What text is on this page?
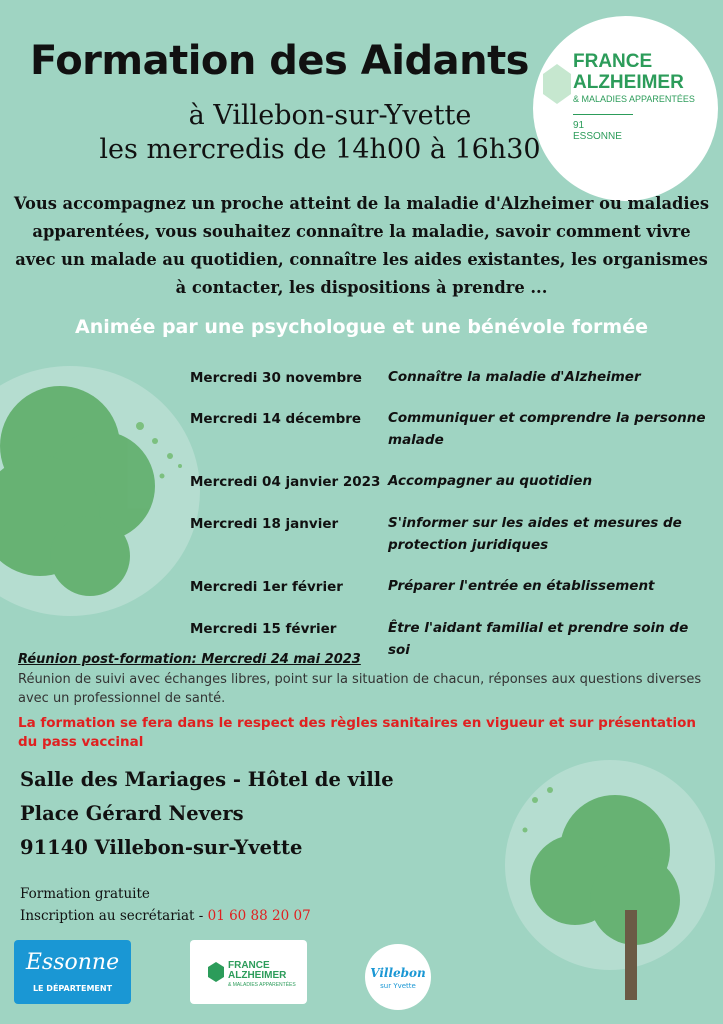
Formation des Aidants
à Villebon-sur-Yvette
les mercredis de 14h00 à 16h30
FRANCE
ALZHEIMER
& MALADIES APPARENTÉES
91 ESSONNE
Vous accompagnez un proche atteint de la maladie d'Alzheimer ou maladies apparentées, vous souhaitez connaître la maladie, savoir comment vivre avec un malade au quotidien, connaître les aides existantes, les organismes à contacter, les dispositions à prendre ...
Animée par une psychologue et une bénévole formée
Mercredi 30 novembre	Connaître la maladie d'Alzheimer
Mercredi 14 décembre	Communiquer et comprendre la personne malade
Mercredi 04 janvier 2023 Accompagner au quotidien
Mercredi 18 janvier	S'informer sur les aides et mesures de protection juridiques
Mercredi 1er février	Préparer l'entrée en établissement
Mercredi 15 février	Être l'aidant familial et prendre soin de soi
Réunion post-formation: Mercredi 24 mai 2023
Réunion de suivi avec échanges libres, point sur la situation de chacun, réponses aux questions diverses avec un professionnel de santé.
La formation se fera dans le respect des règles sanitaires en vigueur et sur présentation du pass vaccinal
Salle des Mariages - Hôtel de ville
Place Gérard Nevers
91140 Villebon-sur-Yvette
Formation gratuite
Inscription au secrétariat - 01 60 88 20 07
Essonne
LE DÉPARTEMENT
FRANCE
ALZHEIMER
& MALADIES APPARENTÉES
Villebon
sur Yvette
